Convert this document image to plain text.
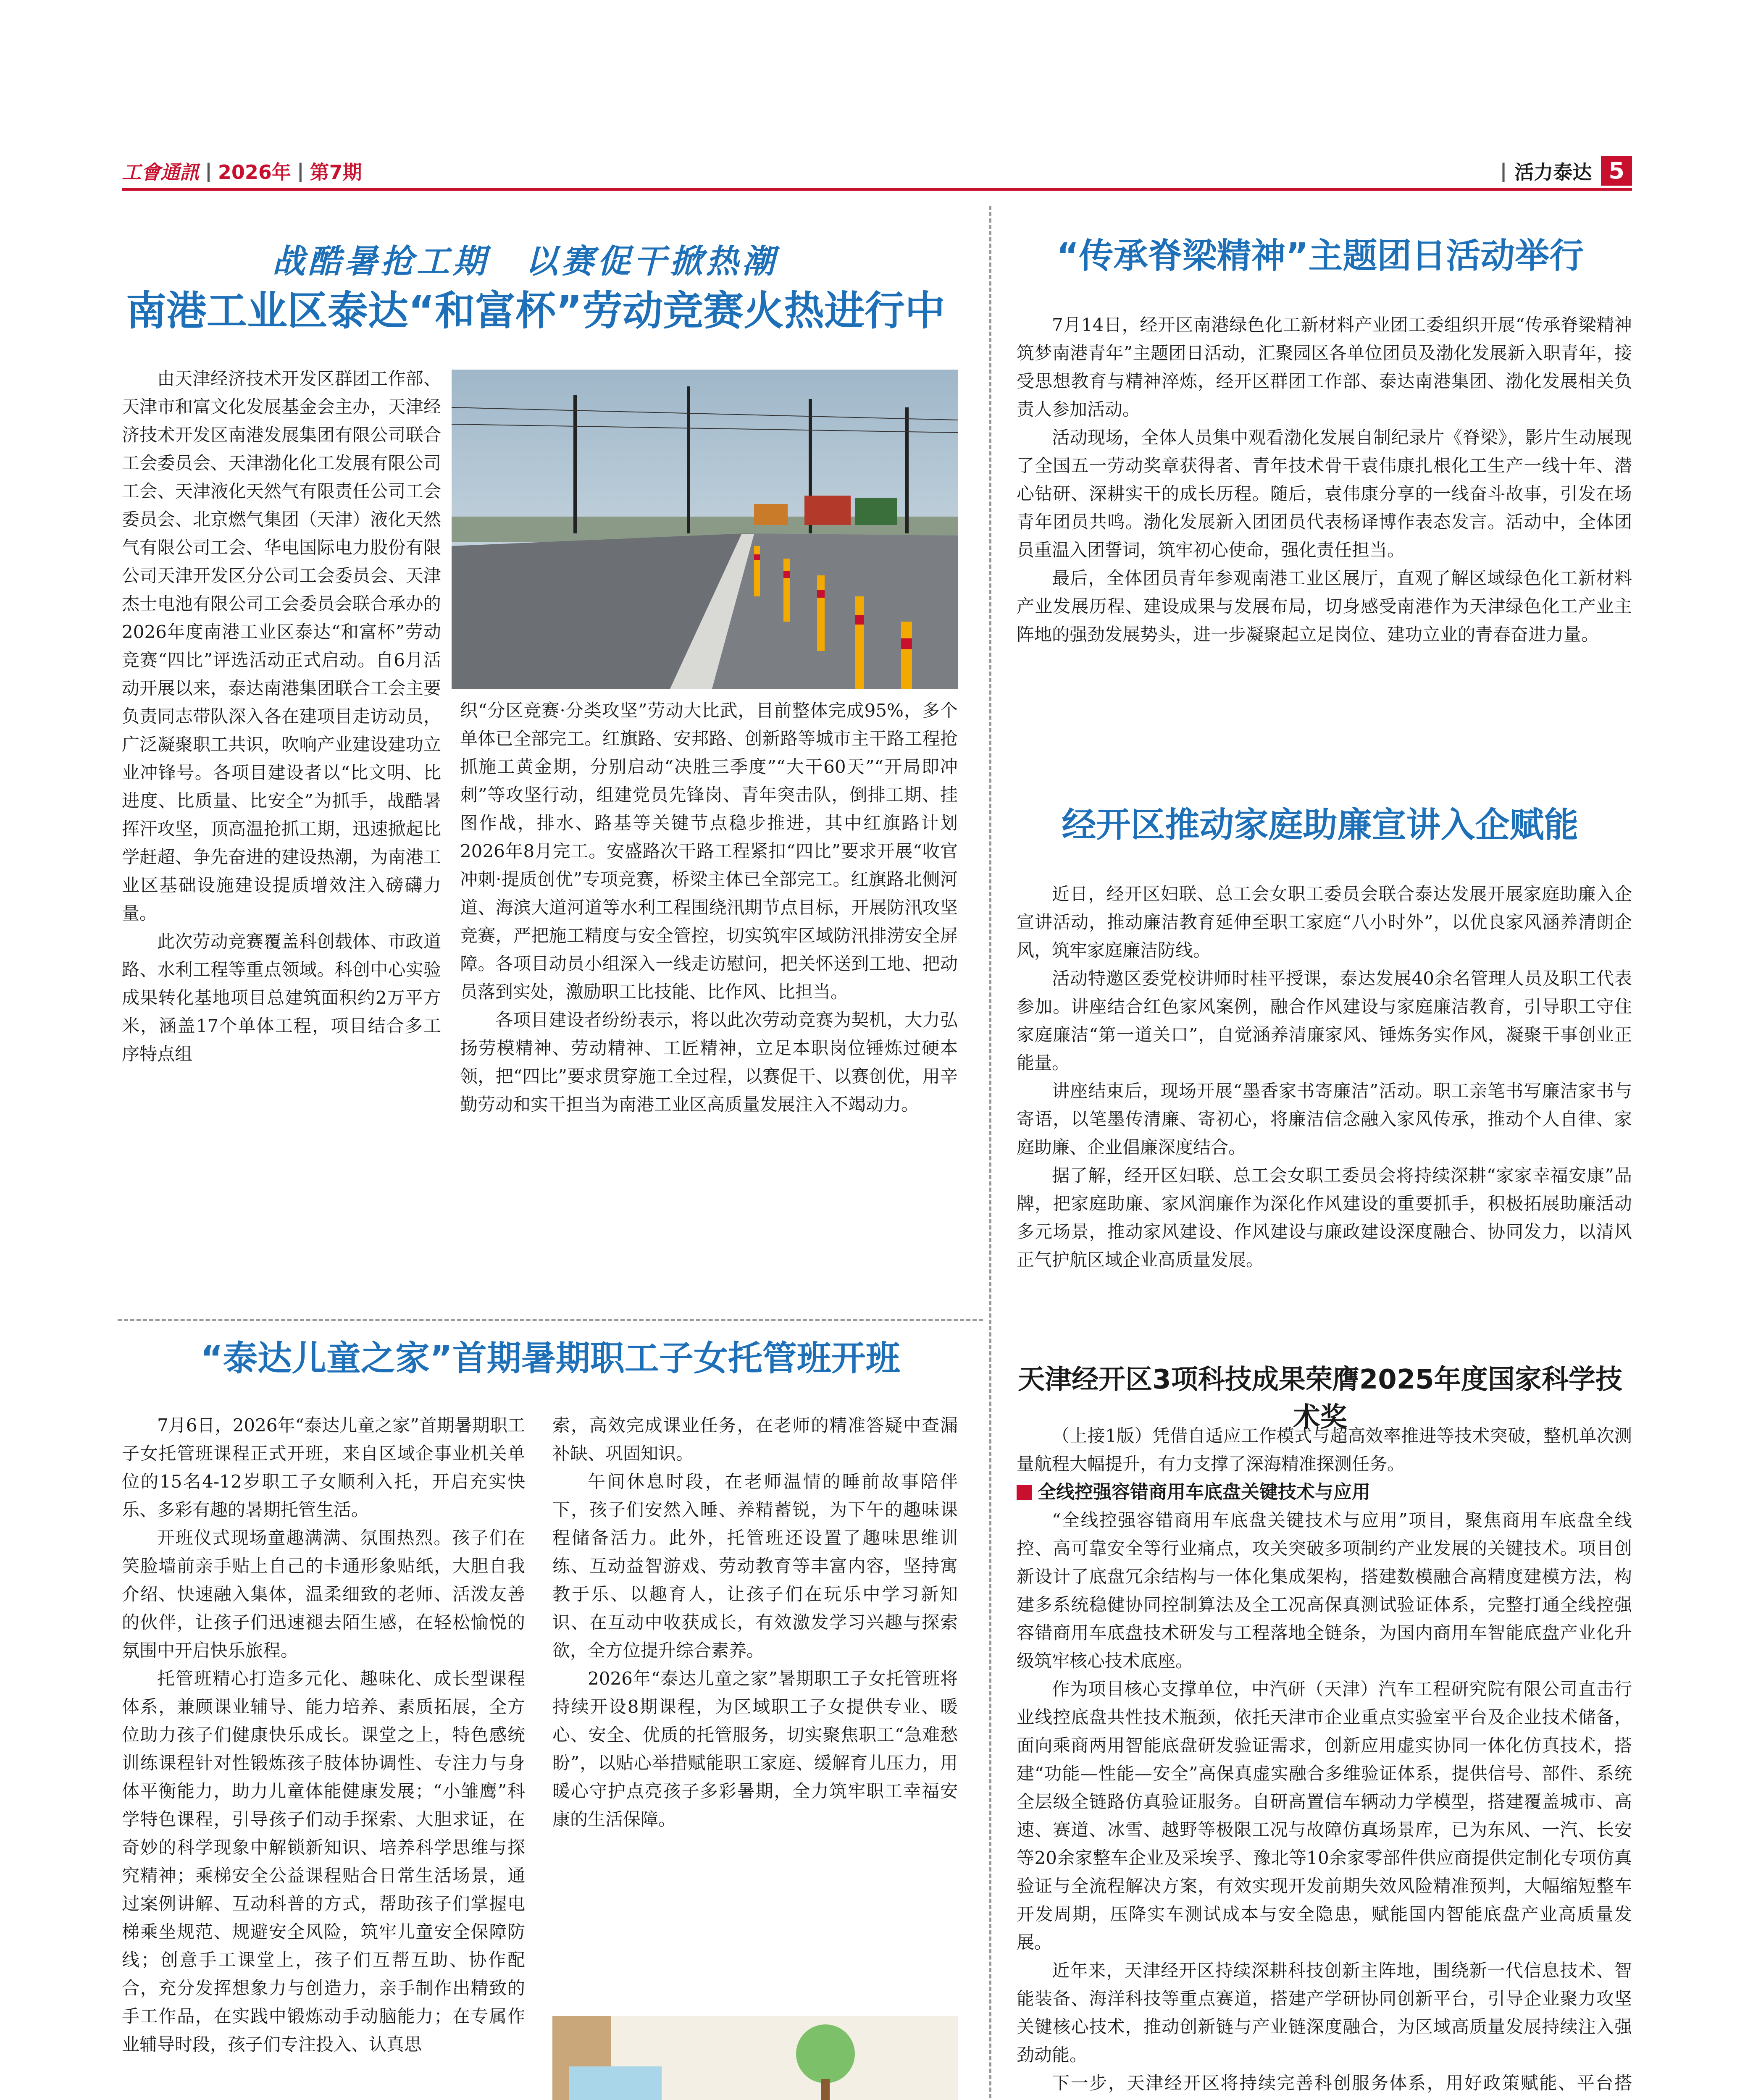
工會通訊 | 2026年 | 第7期	| 活力泰达 5
战酷暑抢工期　以赛促干掀热潮
南港工业区泰达“和富杯”劳动竞赛火热进行中

由天津经济技术开发区群团工作部、天津市和富文化发展基金会主办，天津经济技术开发区南港发展集团有限公司联合工会委员会、天津渤化化工发展有限公司工会、天津液化天然气有限责任公司工会委员会、北京燃气集团（天津）液化天然气有限公司工会、华电国际电力股份有限公司天津开发区分公司工会委员会、天津杰士电池有限公司工会委员会联合承办的2026年度南港工业区泰达“和富杯”劳动竞赛“四比”评选活动正式启动。自6月活动开展以来，泰达南港集团联合工会主要负责同志带队深入各在建项目走访动员，广泛凝聚职工共识，吹响产业建设建功立业冲锋号。各项目建设者以“比文明、比进度、比质量、比安全”为抓手，战酷暑挥汗攻坚，顶高温抢抓工期，迅速掀起比学赶超、争先奋进的建设热潮，为南港工业区基础设施建设提质增效注入磅礴力量。

此次劳动竞赛覆盖科创载体、市政道路、水利工程等重点领域。科创中心实验成果转化基地项目总建筑面积约2万平方米，涵盖17个单体工程，项目结合多工序特点组

织“分区竞赛·分类攻坚”劳动大比武，目前整体完成95%，多个单体已全部完工。红旗路、安邦路、创新路等城市主干路工程抢抓施工黄金期，分别启动“决胜三季度”“大干60天”“开局即冲刺”等攻坚行动，组建党员先锋岗、青年突击队，倒排工期、挂图作战，排水、路基等关键节点稳步推进，其中红旗路计划2026年8月完工。安盛路次干路工程紧扣“四比”要求开展“收官冲刺·提质创优”专项竞赛，桥梁主体已全部完工。红旗路北侧河道、海滨大道河道等水利工程围绕汛期节点目标，开展防汛攻坚竞赛，严把施工精度与安全管控，切实筑牢区域防汛排涝安全屏障。各项目动员小组深入一线走访慰问，把关怀送到工地、把动员落到实处，激励职工比技能、比作风、比担当。

各项目建设者纷纷表示，将以此次劳动竞赛为契机，大力弘扬劳模精神、劳动精神、工匠精神，立足本职岗位锤炼过硬本领，把“四比”要求贯穿施工全过程，以赛促干、以赛创优，用辛勤劳动和实干担当为南港工业区高质量发展注入不竭动力。

“传承脊梁精神”主题团日活动举行

7月14日，经开区南港绿色化工新材料产业团工委组织开展“传承脊梁精神　筑梦南港青年”主题团日活动，汇聚园区各单位团员及渤化发展新入职青年，接受思想教育与精神淬炼，经开区群团工作部、泰达南港集团、渤化发展相关负责人参加活动。

活动现场，全体人员集中观看渤化发展自制纪录片《脊梁》，影片生动展现了全国五一劳动奖章获得者、青年技术骨干袁伟康扎根化工生产一线十年、潜心钻研、深耕实干的成长历程。随后，袁伟康分享的一线奋斗故事，引发在场青年团员共鸣。渤化发展新入团团员代表杨译博作表态发言。活动中，全体团员重温入团誓词，筑牢初心使命，强化责任担当。

最后，全体团员青年参观南港工业区展厅，直观了解区域绿色化工新材料产业发展历程、建设成果与发展布局，切身感受南港作为天津绿色化工产业主阵地的强劲发展势头，进一步凝聚起立足岗位、建功立业的青春奋进力量。

经开区推动家庭助廉宣讲入企赋能

近日，经开区妇联、总工会女职工委员会联合泰达发展开展家庭助廉入企宣讲活动，推动廉洁教育延伸至职工家庭“八小时外”，以优良家风涵养清朗企风，筑牢家庭廉洁防线。

活动特邀区委党校讲师时桂平授课，泰达发展40余名管理人员及职工代表参加。讲座结合红色家风案例，融合作风建设与家庭廉洁教育，引导职工守住家庭廉洁“第一道关口”，自觉涵养清廉家风、锤炼务实作风，凝聚干事创业正能量。

讲座结束后，现场开展“墨香家书寄廉洁”活动。职工亲笔书写廉洁家书与寄语，以笔墨传清廉、寄初心，将廉洁信念融入家风传承，推动个人自律、家庭助廉、企业倡廉深度结合。

据了解，经开区妇联、总工会女职工委员会将持续深耕“家家幸福安康”品牌，把家庭助廉、家风润廉作为深化作风建设的重要抓手，积极拓展助廉活动多元场景，推动家风建设、作风建设与廉政建设深度融合、协同发力，以清风正气护航区域企业高质量发展。

“泰达儿童之家”首期暑期职工子女托管班开班

7月6日，2026年“泰达儿童之家”首期暑期职工子女托管班课程正式开班，来自区域企事业机关单位的15名4-12岁职工子女顺利入托，开启充实快乐、多彩有趣的暑期托管生活。

开班仪式现场童趣满满、氛围热烈。孩子们在笑脸墙前亲手贴上自己的卡通形象贴纸，大胆自我介绍、快速融入集体，温柔细致的老师、活泼友善的伙伴，让孩子们迅速褪去陌生感，在轻松愉悦的氛围中开启快乐旅程。

托管班精心打造多元化、趣味化、成长型课程体系，兼顾课业辅导、能力培养、素质拓展，全方位助力孩子们健康快乐成长。课堂之上，特色感统训练课程针对性锻炼孩子肢体协调性、专注力与身体平衡能力，助力儿童体能健康发展；“小雏鹰”科学特色课程，引导孩子们动手探索、大胆求证，在奇妙的科学现象中解锁新知识、培养科学思维与探究精神；乘梯安全公益课程贴合日常生活场景，通过案例讲解、互动科普的方式，帮助孩子们掌握电梯乘坐规范、规避安全风险，筑牢儿童安全保障防线；创意手工课堂上，孩子们互帮互助、协作配合，充分发挥想象力与创造力，亲手制作出精致的手工作品，在实践中锻炼动手动脑能力；在专属作业辅导时段，孩子们专注投入、认真思

索，高效完成课业任务，在老师的精准答疑中查漏补缺、巩固知识。

午间休息时段，在老师温情的睡前故事陪伴下，孩子们安然入睡、养精蓄锐，为下午的趣味课程储备活力。此外，托管班还设置了趣味思维训练、互动益智游戏、劳动教育等丰富内容，坚持寓教于乐、以趣育人，让孩子们在玩乐中学习新知识、在互动中收获成长，有效激发学习兴趣与探索欲，全方位提升综合素养。

2026年“泰达儿童之家”暑期职工子女托管班将持续开设8期课程，为区域职工子女提供专业、暖心、安全、优质的托管服务，切实聚焦职工“急难愁盼”，以贴心举措赋能职工家庭、缓解育儿压力，用暖心守护点亮孩子多彩暑期，全力筑牢职工幸福安康的生活保障。

天津经开区3项科技成果荣膺2025年度国家科学技术奖

（上接1版）凭借自适应工作模式与超高效率推进等技术突破，整机单次测量航程大幅提升，有力支撑了深海精准探测任务。

全线控强容错商用车底盘关键技术与应用

“全线控强容错商用车底盘关键技术与应用”项目，聚焦商用车底盘全线控、高可靠安全等行业痛点，攻关突破多项制约产业发展的关键技术。项目创新设计了底盘冗余结构与一体化集成架构，搭建数模融合高精度建模方法，构建多系统稳健协同控制算法及全工况高保真测试验证体系，完整打通全线控强容错商用车底盘技术研发与工程落地全链条，为国内商用车智能底盘产业化升级筑牢核心技术底座。

作为项目核心支撑单位，中汽研（天津）汽车工程研究院有限公司直击行业线控底盘共性技术瓶颈，依托天津市企业重点实验室平台及企业技术储备，面向乘商两用智能底盘研发验证需求，创新应用虚实协同一体化仿真技术，搭建“功能—性能—安全”高保真虚实融合多维验证体系，提供信号、部件、系统全层级全链路仿真验证服务。自研高置信车辆动力学模型，搭建覆盖城市、高速、赛道、冰雪、越野等极限工况与故障仿真场景库，已为东风、一汽、长安等20余家整车企业及采埃孚、豫北等10余家零部件供应商提供定制化专项仿真验证与全流程解决方案，有效实现开发前期失效风险精准预判，大幅缩短整车开发周期，压降实车测试成本与安全隐患，赋能国内智能底盘产业高质量发展。

近年来，天津经开区持续深耕科技创新主阵地，围绕新一代信息技术、智能装备、海洋科技等重点赛道，搭建产学研协同创新平台，引导企业聚力攻坚关键核心技术，推动创新链与产业链深度融合，为区域高质量发展持续注入强劲动能。

下一步，天津经开区将持续完善科创服务体系，用好政策赋能、平台搭
